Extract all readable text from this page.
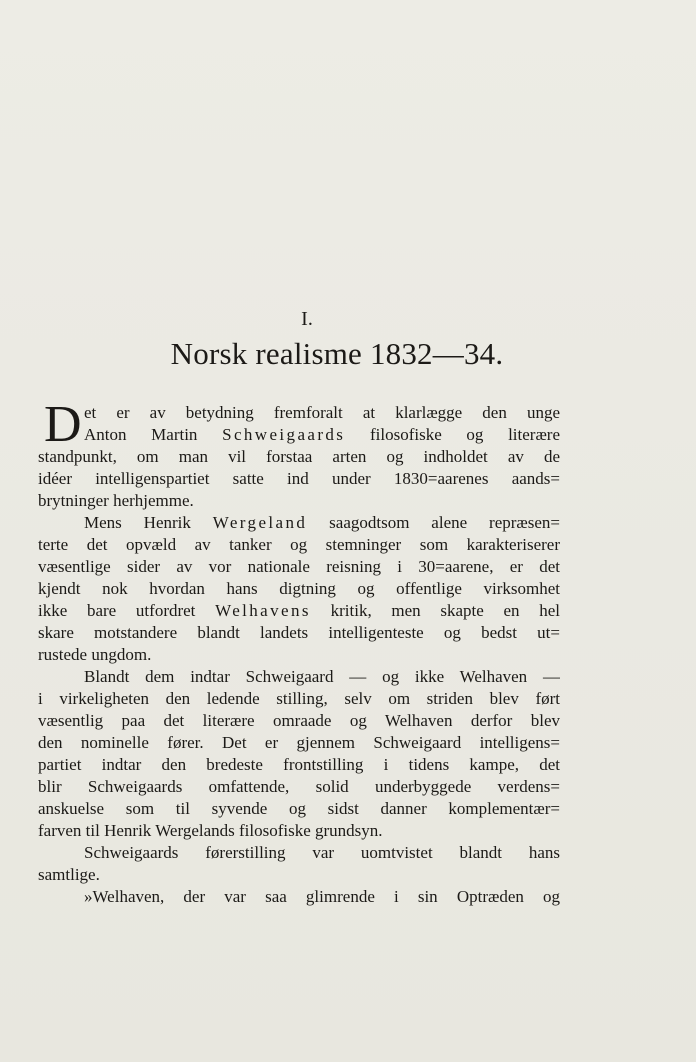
I.
Norsk realisme 1832—34.
D et er av betydning fremforalt at klarlægge den unge
Anton Martin Schweigaards filosofiske og literære
standpunkt, om man vil forstaa arten og indholdet av de
idéer intelligenspartiet satte ind under 1830=aarenes aands=
brytninger herhjemme.
Mens Henrik Wergeland saagodtsom alene repræsen=
terte det opvæld av tanker og stemninger som karakteriserer
væsentlige sider av vor nationale reisning i 30=aarene, er det
kjendt nok hvordan hans digtning og offentlige virksomhet
ikke bare utfordret Welhavens kritik, men skapte en hel
skare motstandere blandt landets intelligenteste og bedst ut=
rustede ungdom.
Blandt dem indtar Schweigaard — og ikke Welhaven —
i virkeligheten den ledende stilling, selv om striden blev ført
væsentlig paa det literære omraade og Welhaven derfor blev
den nominelle fører. Det er gjennem Schweigaard intelligens=
partiet indtar den bredeste frontstilling i tidens kampe, det
blir Schweigaards omfattende, solid underbyggede verdens=
anskuelse som til syvende og sidst danner komplementær=
farven til Henrik Wergelands filosofiske grundsyn.
Schweigaards førerstilling var uomtvistet blandt hans
samtlige.
»Welhaven, der var saa glimrende i sin Optræden og
